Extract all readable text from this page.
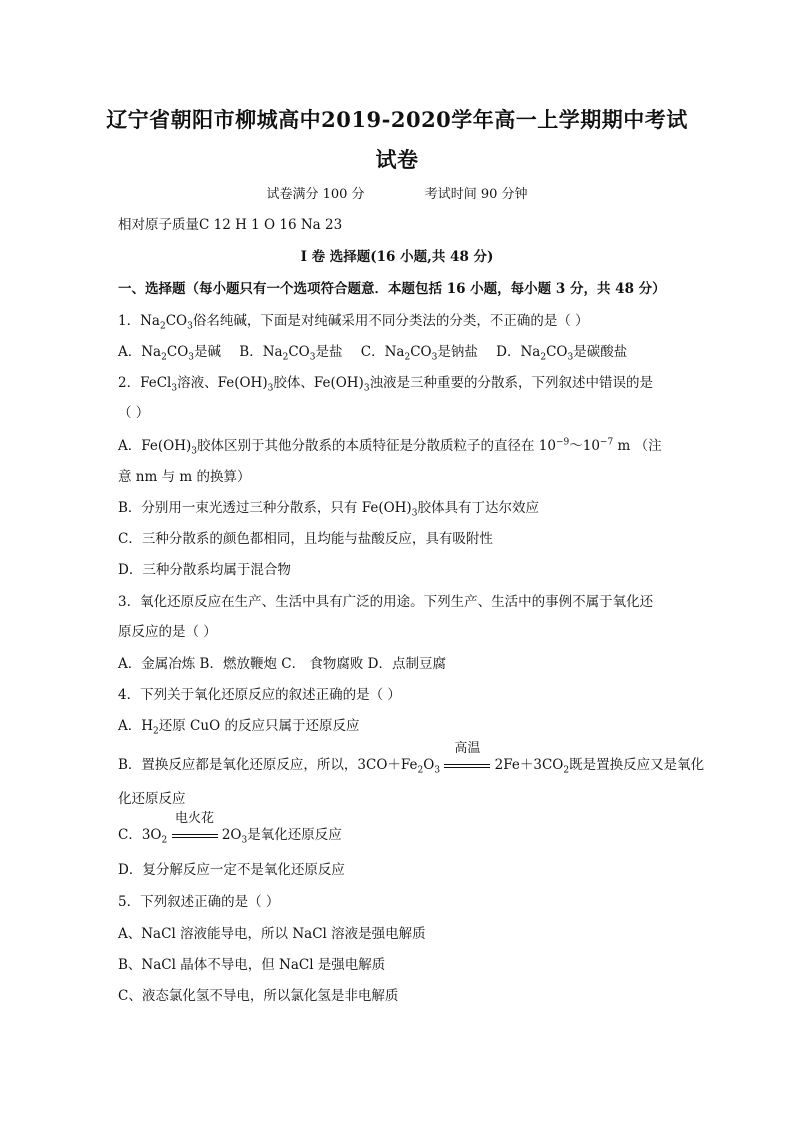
辽宁省朝阳市柳城高中2019-2020学年高一上学期期中考试
试卷
试卷满分 100 分	考试时间 90 分钟
相对原子质量C 12 H 1 O 16 Na 23
I 卷 选择题(16 小题,共 48 分)
一、选择题（每小题只有一个选项符合题意．本题包括 16 小题，每小题 3 分，共 48 分）
1．$Na_2CO_3$俗名纯碱，下面是对纯碱采用不同分类法的分类，不正确的是（ ）
A．$Na_2CO_3$是碱 B．$Na_2CO_3$是盐 C．$Na_2CO_3$是钠盐 D．$Na_2CO_3$是碳酸盐
2．FeCl$_3$溶液、$Fe(OH)_3$胶体、$Fe(OH)_3$浊液是三种重要的分散系，下列叙述中错误的是
（ ）
A．$Fe(OH)_3$胶体区别于其他分散系的本质特征是分散质粒子的直径在 $10^{-9}\sim 10^{-7}$ m （注
意 nm 与 m 的换算）
B．分别用一束光透过三种分散系，只有 $Fe(OH)_3$胶体具有丁达尔效应
C．三种分散系的颜色都相同，且均能与盐酸反应，具有吸附性
D．三种分散系均属于混合物
3．氧化还原反应在生产、生活中具有广泛的用途。下列生产、生活中的事例不属于氧化还
原反应的是（ ）
A．金属冶炼 B．燃放鞭炮 C． 食物腐败 D．点制豆腐
4．下列关于氧化还原反应的叙述正确的是（ ）
A．$H_2$还原 CuO 的反应只属于还原反应
B．置换反应都是氧化还原反应，所以，$3CO+Fe_2O_3$
高温
$2Fe+3CO_2$既是置换反应又是氧化
化还原反应
C．$3O_2$
电火花
$2O_3$是氧化还原反应
D．复分解反应一定不是氧化还原反应
5．下列叙述正确的是（ ）
A、NaCl 溶液能导电，所以 NaCl 溶液是强电解质
B、NaCl 晶体不导电，但 NaCl 是强电解质
C、液态氯化氢不导电，所以氯化氢是非电解质
